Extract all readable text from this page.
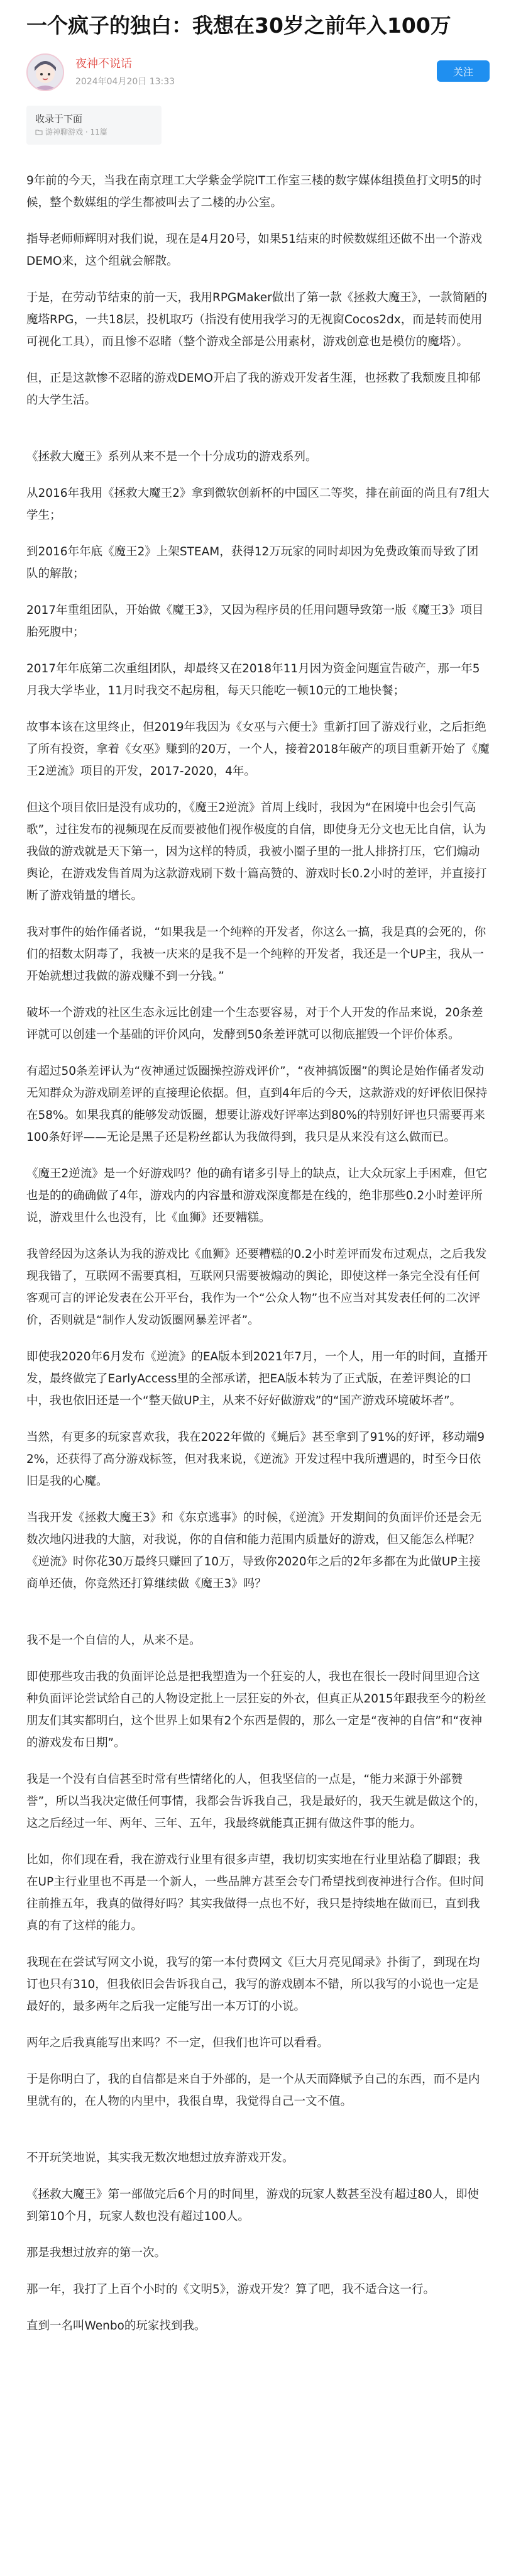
一个疯子的独白：我想在30岁之前年入100万
夜神不说话
2024年04月20日 13:33
关注
收录于下面
游神聊游戏 · 11篇

9年前的今天，当我在南京理工大学紫金学院IT工作室三楼的数字媒体组摸鱼打文明5的时候，整个数媒组的学生都被叫去了二楼的办公室。

指导老师师辉明对我们说，现在是4月20号，如果51结束的时候数媒组还做不出一个游戏DEMO来，这个组就会解散。

于是，在劳动节结束的前一天，我用RPGMaker做出了第一款《拯救大魔王》，一款简陋的魔塔RPG，一共18层，投机取巧（指没有使用我学习的无视窗Cocos2dx，而是转而使用可视化工具），而且惨不忍睹（整个游戏全部是公用素材，游戏创意也是模仿的魔塔）。

但，正是这款惨不忍睹的游戏DEMO开启了我的游戏开发者生涯，也拯救了我颓废且抑郁的大学生活。

《拯救大魔王》系列从来不是一个十分成功的游戏系列。

从2016年我用《拯救大魔王2》拿到微软创新杯的中国区二等奖，排在前面的尚且有7组大学生；

到2016年年底《魔王2》上架STEAM，获得12万玩家的同时却因为免费政策而导致了团队的解散；

2017年重组团队，开始做《魔王3》，又因为程序员的任用问题导致第一版《魔王3》项目胎死腹中；

2017年年底第二次重组团队，却最终又在2018年11月因为资金问题宣告破产，那一年5月我大学毕业，11月时我交不起房租，每天只能吃一顿10元的工地快餐；

故事本该在这里终止，但2019年我因为《女巫与六便士》重新打回了游戏行业，之后拒绝了所有投资，拿着《女巫》赚到的20万，一个人，接着2018年破产的项目重新开始了《魔王2逆流》项目的开发，2017-2020，4年。

但这个项目依旧是没有成功的，《魔王2逆流》首周上线时，我因为“在困境中也会引气高歌”，过往发布的视频现在反而要被他们视作极度的自信，即使身无分文也无比自信，认为我做的游戏就是天下第一，因为这样的特质，我被小圈子里的一批人排挤打压，它们煽动舆论，在游戏发售首周为这款游戏刷下数十篇高赞的、游戏时长0.2小时的差评，并直接打断了游戏销量的增长。

我对事件的始作俑者说，“如果我是一个纯粹的开发者，你这么一搞，我是真的会死的，你们的招数太阴毒了，我被一庆来的是我不是一个纯粹的开发者，我还是一个UP主，我从一开始就想过我做的游戏赚不到一分钱。”

破坏一个游戏的社区生态永远比创建一个生态要容易，对于个人开发的作品来说，20条差评就可以创建一个基础的评价风向，发酵到50条差评就可以彻底摧毁一个评价体系。

有超过50条差评认为“夜神通过饭圈操控游戏评价”，“夜神搞饭圈”的舆论是始作俑者发动无知群众为游戏刷差评的直接理论依据。但，直到4年后的今天，这款游戏的好评依旧保持在58%。如果我真的能够发动饭圈，想要让游戏好评率达到80%的特别好评也只需要再来100条好评——无论是黑子还是粉丝都认为我做得到，我只是从来没有这么做而已。

《魔王2逆流》是一个好游戏吗？他的确有诸多引导上的缺点，让大众玩家上手困难，但它也是的的确确做了4年，游戏内的内容量和游戏深度都是在线的，绝非那些0.2小时差评所说，游戏里什么也没有，比《血狮》还要糟糕。

我曾经因为这条认为我的游戏比《血狮》还要糟糕的0.2小时差评而发布过观点，之后我发现我错了，互联网不需要真相，互联网只需要被煽动的舆论，即使这样一条完全没有任何客观可言的评论发表在公开平台，我作为一个“公众人物”也不应当对其发表任何的二次评价，否则就是“制作人发动饭圈网暴差评者”。

即使我2020年6月发布《逆流》的EA版本到2021年7月，一个人，用一年的时间，直播开发，最终做完了EarlyAccess里的全部承诺，把EA版本转为了正式版，在差评舆论的口中，我也依旧还是一个“整天做UP主，从来不好好做游戏”的“国产游戏环境破坏者”。

当然，有更多的玩家喜欢我，我在2022年做的《蝇后》甚至拿到了91%的好评，移动端92%，还获得了高分游戏标签，但对我来说，《逆流》开发过程中我所遭遇的，时至今日依旧是我的心魔。

当我开发《拯救大魔王3》和《东京逃事》的时候，《逆流》开发期间的负面评价还是会无数次地闪进我的大脑，对我说，你的自信和能力范围内质量好的游戏，但又能怎么样呢？《逆流》时你花30万最终只赚回了10万，导致你2020年之后的2年多都在为此做UP主接商单还债，你竟然还打算继续做《魔王3》吗？

我不是一个自信的人，从来不是。

即使那些攻击我的负面评论总是把我塑造为一个狂妄的人，我也在很长一段时间里迎合这种负面评论尝试给自己的人物设定批上一层狂妄的外衣，但真正从2015年跟我至今的粉丝朋友们其实都明白，这个世界上如果有2个东西是假的，那么一定是“夜神的自信”和“夜神的游戏发布日期”。

我是一个没有自信甚至时常有些情绪化的人，但我坚信的一点是，“能力来源于外部赞誉”，所以当我决定做任何事情，我都会告诉我自己，我是最好的，我天生就是做这个的，这之后经过一年、两年、三年、五年，我最终就能真正拥有做这件事的能力。

比如，你们现在看，我在游戏行业里有很多声望，我切切实实地在行业里站稳了脚跟；我在UP主行业里也不再是一个新人，一些品牌方甚至会专门希望找到夜神进行合作。但时间往前推五年，我真的做得好吗？其实我做得一点也不好，我只是持续地在做而已，直到我真的有了这样的能力。

我现在在尝试写网文小说，我写的第一本付费网文《巨大月亮见闻录》扑街了，到现在均订也只有310，但我依旧会告诉我自己，我写的游戏剧本不错，所以我写的小说也一定是最好的，最多两年之后我一定能写出一本万订的小说。

两年之后我真能写出来吗？不一定，但我们也许可以看看。

于是你明白了，我的自信都是来自于外部的，是一个从天而降赋予自己的东西，而不是内里就有的，在人物的内里中，我很自卑，我觉得自己一文不值。

不开玩笑地说，其实我无数次地想过放弃游戏开发。

《拯救大魔王》第一部做完后6个月的时间里，游戏的玩家人数甚至没有超过80人，即使到第10个月，玩家人数也没有超过100人。

那是我想过放弃的第一次。

那一年，我打了上百个小时的《文明5》，游戏开发？算了吧，我不适合这一行。

直到一名叫Wenbo的玩家找到我。
